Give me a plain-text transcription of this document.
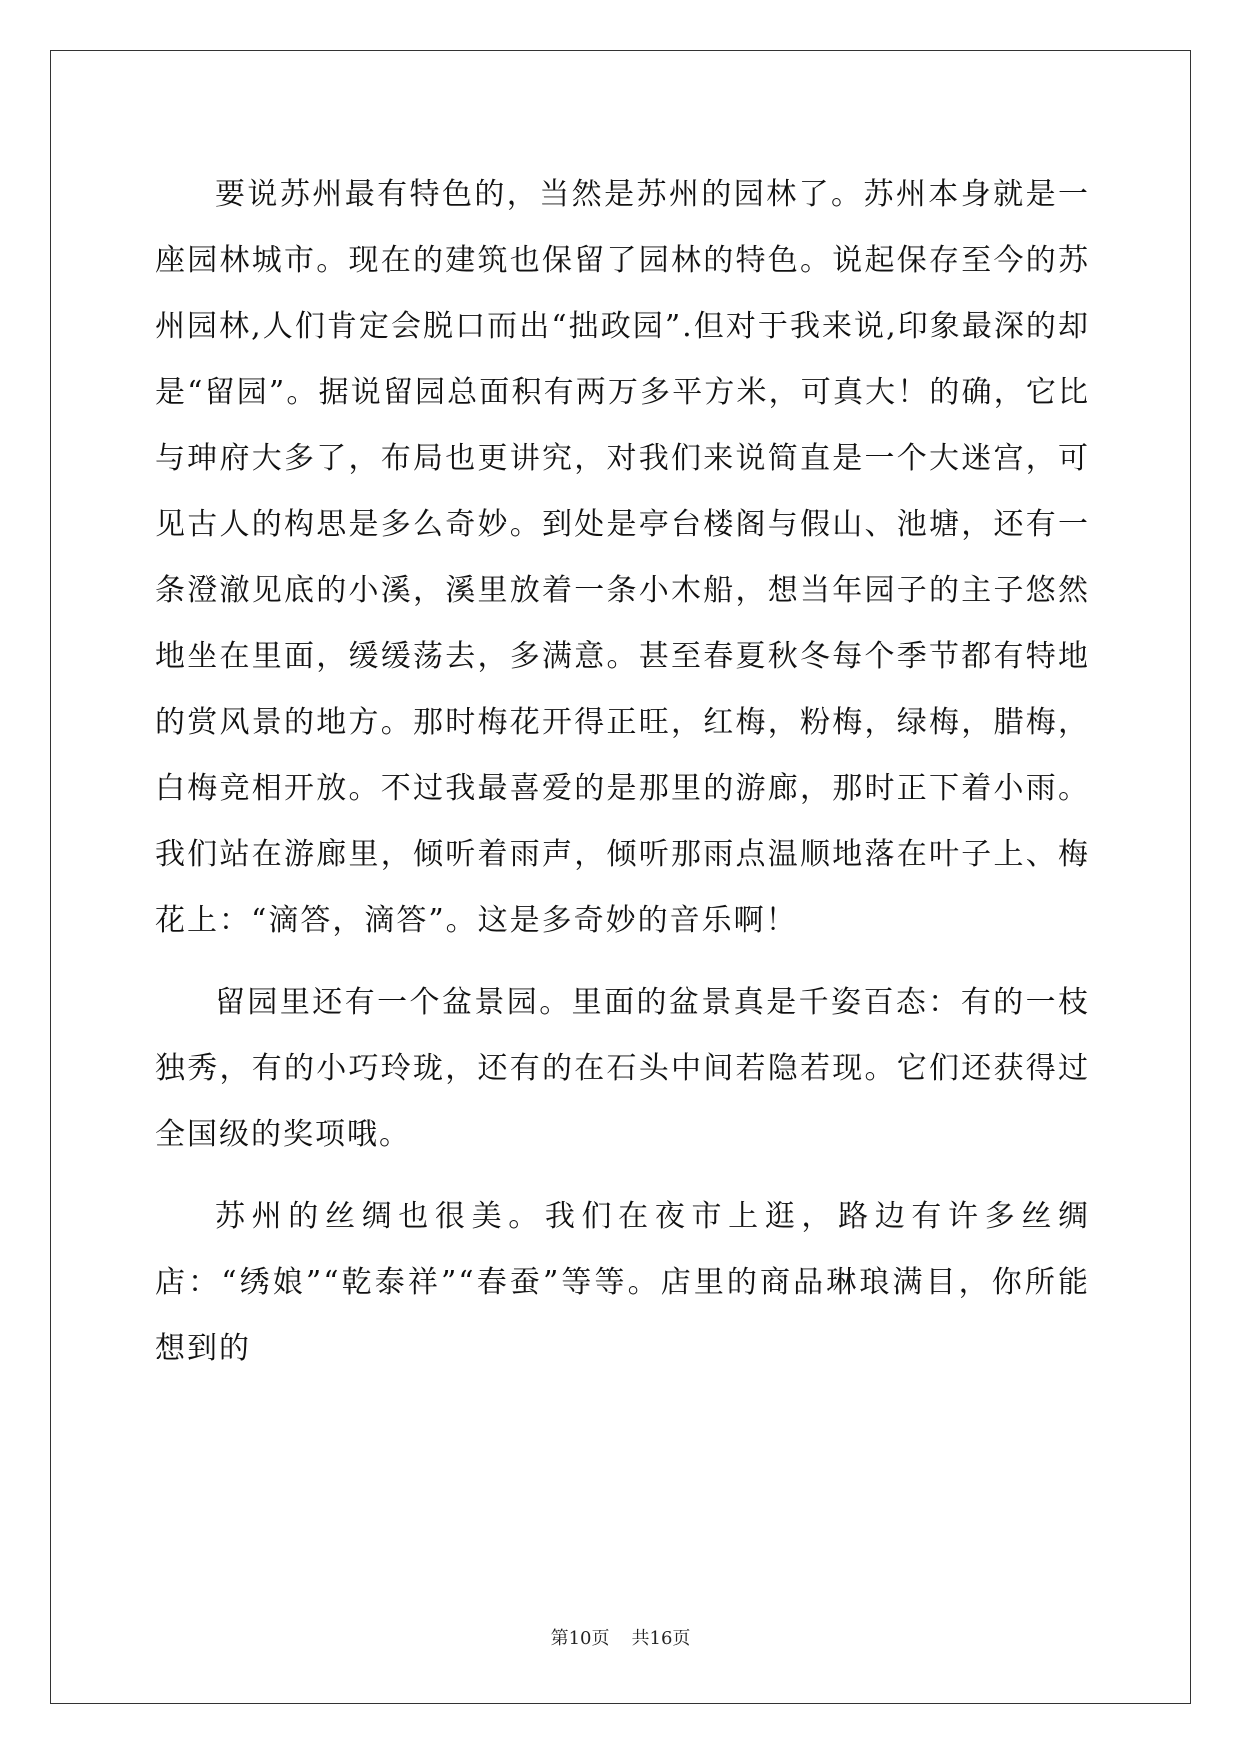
要说苏州最有特色的，当然是苏州的园林了。苏州本身就是一座园林城市。现在的建筑也保留了园林的特色。说起保存至今的苏州园林,人们肯定会脱口而出“拙政园”.但对于我来说,印象最深的却是“留园”。据说留园总面积有两万多平方米，可真大！的确，它比与珅府大多了，布局也更讲究，对我们来说简直是一个大迷宫，可见古人的构思是多么奇妙。到处是亭台楼阁与假山、池塘，还有一条澄澈见底的小溪，溪里放着一条小木船，想当年园子的主子悠然地坐在里面，缓缓荡去，多满意。甚至春夏秋冬每个季节都有特地的赏风景的地方。那时梅花开得正旺，红梅，粉梅，绿梅，腊梅，白梅竞相开放。不过我最喜爱的是那里的游廊，那时正下着小雨。我们站在游廊里，倾听着雨声，倾听那雨点温顺地落在叶子上、梅花上：“滴答，滴答”。这是多奇妙的音乐啊！

留园里还有一个盆景园。里面的盆景真是千姿百态：有的一枝独秀，有的小巧玲珑，还有的在石头中间若隐若现。它们还获得过全国级的奖项哦。

苏州的丝绸也很美。我们在夜市上逛，路边有许多丝绸店：“绣娘”“乾泰祥”“春蚕”等等。店里的商品琳琅满目，你所能想到的

第10页 共16页
